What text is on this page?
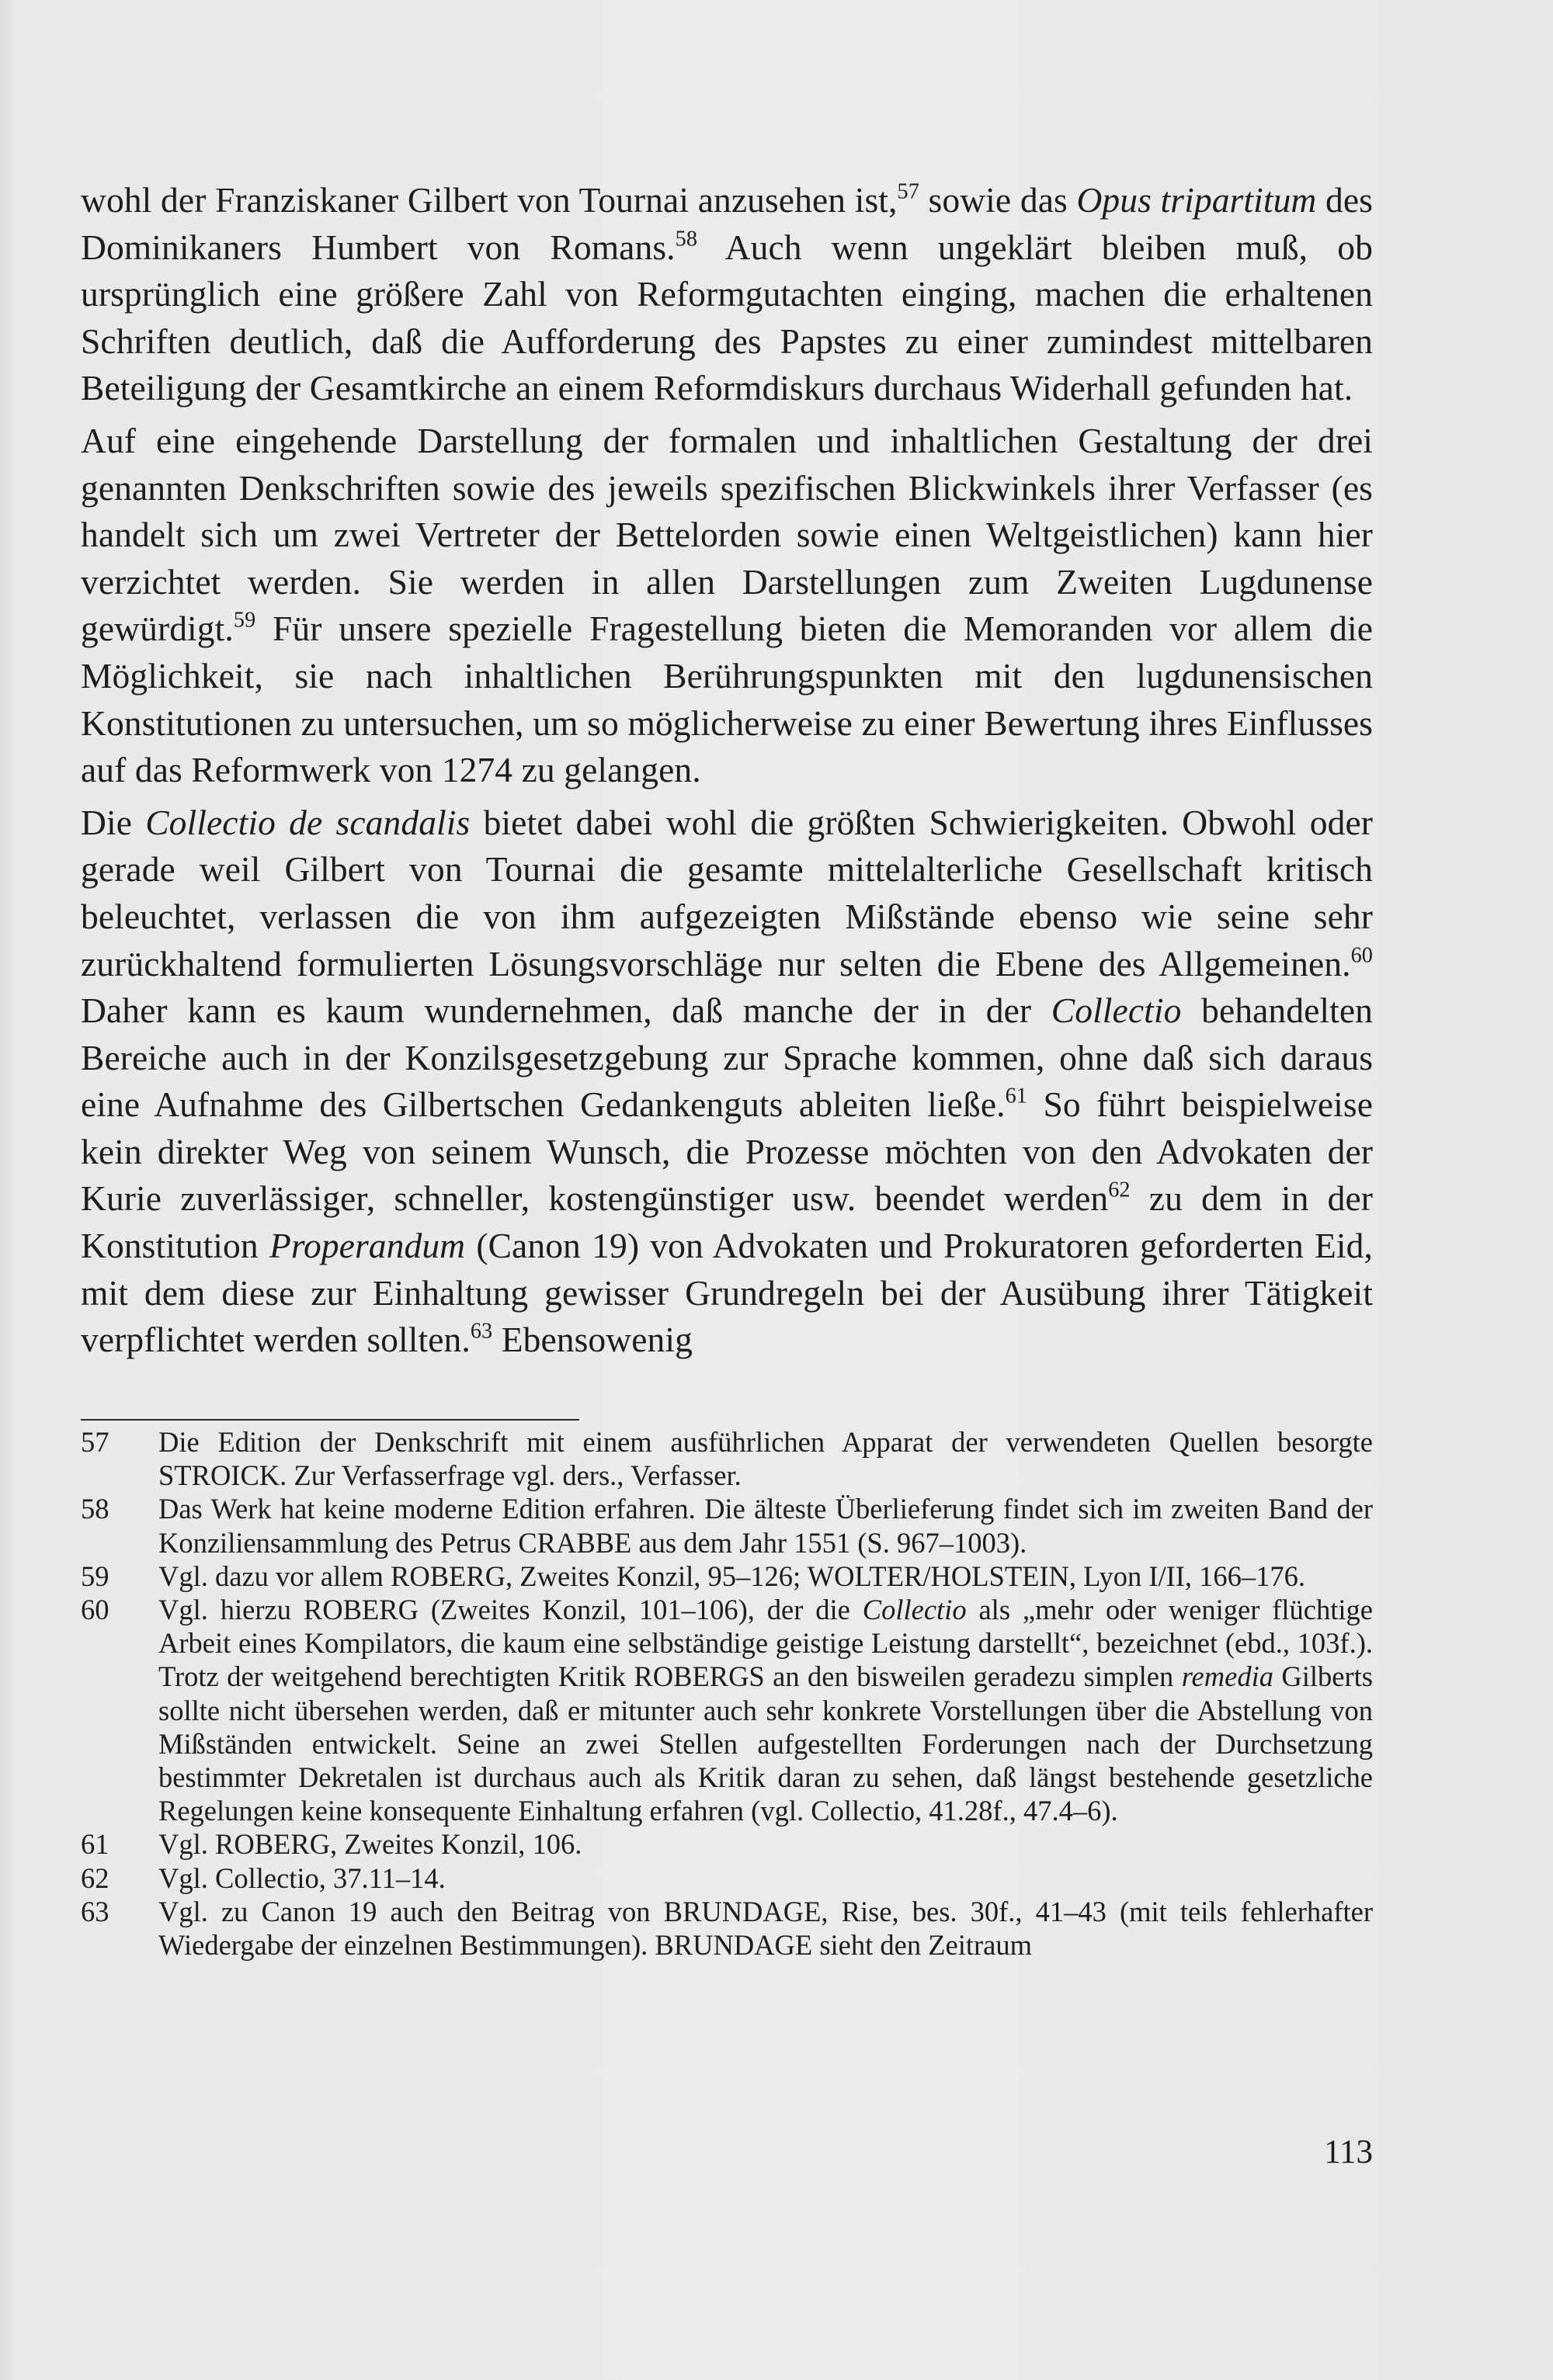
wohl der Franziskaner Gilbert von Tournai anzusehen ist,$^{57}$ sowie das Opus tripartitum des Dominikaners Humbert von Romans.$^{58}$ Auch wenn ungeklärt bleiben muß, ob ursprünglich eine größere Zahl von Reformgutachten einging, machen die erhaltenen Schriften deutlich, daß die Aufforderung des Papstes zu einer zumindest mittelbaren Beteiligung der Gesamtkirche an einem Reformdiskurs durchaus Widerhall gefunden hat.

Auf eine eingehende Darstellung der formalen und inhaltlichen Gestaltung der drei genannten Denkschriften sowie des jeweils spezifischen Blickwinkels ihrer Verfasser (es handelt sich um zwei Vertreter der Bettelorden sowie einen Weltgeistlichen) kann hier verzichtet werden. Sie werden in allen Darstellungen zum Zweiten Lugdunense gewürdigt.$^{59}$ Für unsere spezielle Fragestellung bieten die Memoranden vor allem die Möglichkeit, sie nach inhaltlichen Berührungspunkten mit den lugdunensischen Konstitutionen zu untersuchen, um so möglicherweise zu einer Bewertung ihres Einflusses auf das Reformwerk von 1274 zu gelangen.

Die Collectio de scandalis bietet dabei wohl die größten Schwierigkeiten. Obwohl oder gerade weil Gilbert von Tournai die gesamte mittelalterliche Gesellschaft kritisch beleuchtet, verlassen die von ihm aufgezeigten Mißstände ebenso wie seine sehr zurückhaltend formulierten Lösungsvorschläge nur selten die Ebene des Allgemeinen.$^{60}$ Daher kann es kaum wundernehmen, daß manche der in der Collectio behandelten Bereiche auch in der Konzilsgesetzgebung zur Sprache kommen, ohne daß sich daraus eine Aufnahme des Gilbertschen Gedankenguts ableiten ließe.$^{61}$ So führt beispielweise kein direkter Weg von seinem Wunsch, die Prozesse möchten von den Advokaten der Kurie zuverlässiger, schneller, kostengünstiger usw. beendet werden$^{62}$ zu dem in der Konstitution Properandum (Canon 19) von Advokaten und Prokuratoren geforderten Eid, mit dem diese zur Einhaltung gewisser Grundregeln bei der Ausübung ihrer Tätigkeit verpflichtet werden sollten.$^{63}$ Ebensowenig

57	Die Edition der Denkschrift mit einem ausführlichen Apparat der verwendeten Quellen besorgte STROICK. Zur Verfasserfrage vgl. ders., Verfasser.
58	Das Werk hat keine moderne Edition erfahren. Die älteste Überlieferung findet sich im zweiten Band der Konziliensammlung des Petrus CRABBE aus dem Jahr 1551 (S. 967–1003).
59	Vgl. dazu vor allem ROBERG, Zweites Konzil, 95–126; WOLTER/HOLSTEIN, Lyon I/II, 166–176.
60	Vgl. hierzu ROBERG (Zweites Konzil, 101–106), der die Collectio als „mehr oder weniger flüchtige Arbeit eines Kompilators, die kaum eine selbständige geistige Leistung darstellt“, bezeichnet (ebd., 103f.). Trotz der weitgehend berechtigten Kritik ROBERGS an den bisweilen geradezu simplen remedia Gilberts sollte nicht übersehen werden, daß er mitunter auch sehr konkrete Vorstellungen über die Abstellung von Mißständen entwickelt. Seine an zwei Stellen aufgestellten Forderungen nach der Durchsetzung bestimmter Dekretalen ist durchaus auch als Kritik daran zu sehen, daß längst bestehende gesetzliche Regelungen keine konsequente Einhaltung erfahren (vgl. Collectio, 41.28f., 47.4–6).
61	Vgl. ROBERG, Zweites Konzil, 106.
62	Vgl. Collectio, 37.11–14.
63	Vgl. zu Canon 19 auch den Beitrag von BRUNDAGE, Rise, bes. 30f., 41–43 (mit teils fehlerhafter Wiedergabe der einzelnen Bestimmungen). BRUNDAGE sieht den Zeitraum
113
